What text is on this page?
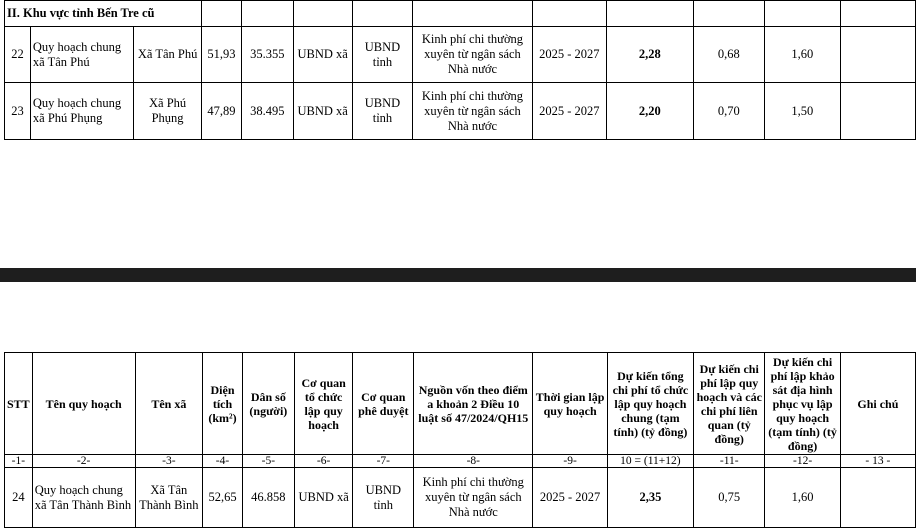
II. Khu vực tỉnh Bến Tre cũ												
22	Quy hoạch chung xã Tân Phú	Xã Tân Phú	51,93	35.355	UBND xã	UBND tỉnh	Kinh phí chi thường xuyên từ ngân sách Nhà nước	2025 - 2027	2,28	0,68	1,60	
23	Quy hoạch chung xã Phú Phụng	Xã Phú Phụng	47,89	38.495	UBND xã	UBND tỉnh	Kinh phí chi thường xuyên từ ngân sách Nhà nước	2025 - 2027	2,20	0,70	1,50	
STT	Tên quy hoạch	Tên xã	Diện tích (km²)	Dân số (người)	Cơ quan tổ chức lập quy hoạch	Cơ quan phê duyệt	Nguồn vốn theo điểm a khoản 2 Điều 10 luật số 47/2024/QH15	Thời gian lập quy hoạch	Dự kiến tổng chi phí tổ chức lập quy hoạch chung (tạm tính) (tỷ đồng)	Dự kiến chi phí lập quy hoạch và các chi phí liên quan (tỷ đồng)	Dự kiến chi phí lập khảo sát địa hình phục vụ lập quy hoạch (tạm tính) (tỷ đồng)	Ghi chú
-1-	-2-	-3-	-4-	-5-	-6-	-7-	-8-	-9-	10 = (11+12)	-11-	-12-	- 13 -
24	Quy hoạch chung xã Tân Thành Bình	Xã Tân Thành Bình	52,65	46.858	UBND xã	UBND tỉnh	Kinh phí chi thường xuyên từ ngân sách Nhà nước	2025 - 2027	2,35	0,75	1,60	
